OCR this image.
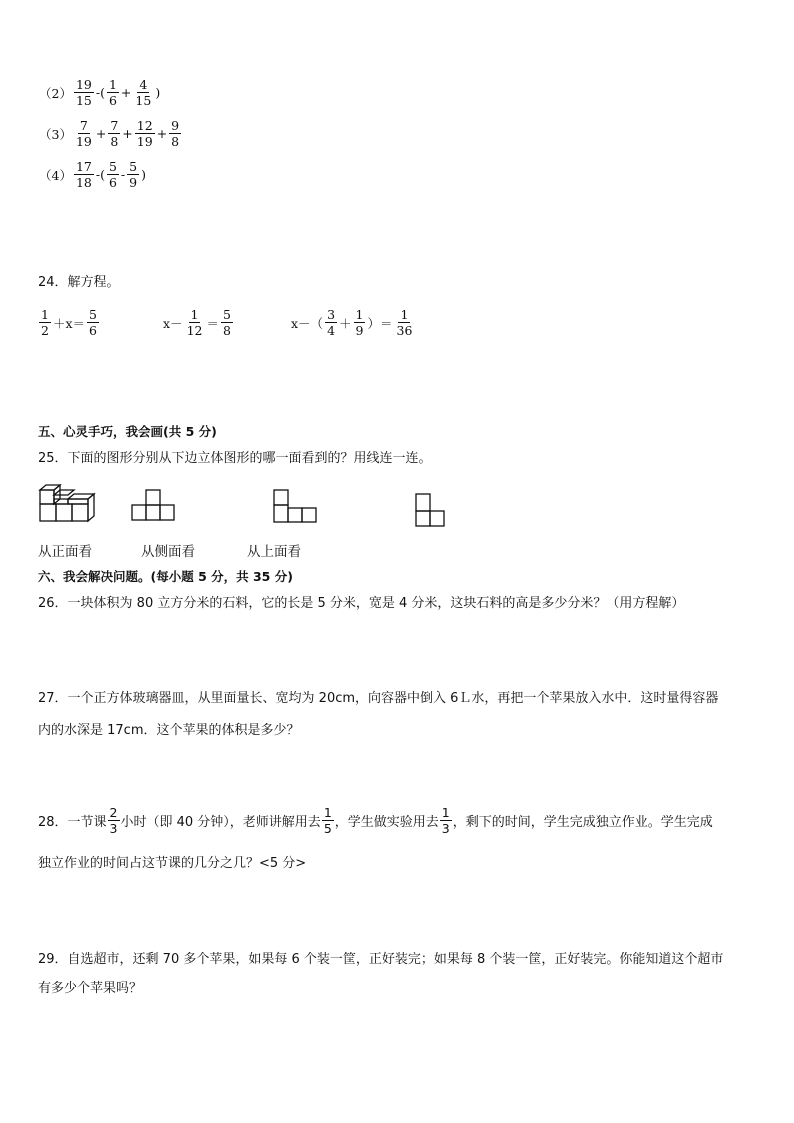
$(2) \frac{19}{15}$ -( $\frac{1}{6} + \frac{4}{15}$ )
$(3) \frac{7}{19} + \frac{7}{8} + \frac{12}{19} + \frac{9}{8}$
$(4) \frac{17}{18}$ -( $\frac{5}{6} - \frac{5}{9}$ )
24．解方程。
$\frac{1}{2} +x= \frac{5}{6}$	$x- \frac{1}{12} = \frac{5}{8}$	$x-( \frac{3}{4} + \frac{1}{9}$ ）＝ $\frac{1}{36}$
五、心灵手巧，我会画(共 5 分)
25．下面的图形分别从下边立体图形的哪一面看到的？用线连一连。
从正面看	从侧面看	从上面看
六、我会解决问题。(每小题 5 分，共 35 分)
26．一块体积为 80 立方分米的石料，它的长是 5 分米，宽是 4 分米，这块石料的高是多少分米？（用方程解）
27．一个正方体玻璃器皿，从里面量长、宽均为 20cm，向容器中倒入 6Ｌ水，再把一个苹果放入水中．这时量得容器
内的水深是 17cm．这个苹果的体积是多少？
28．一节课 $\frac{2}{3}$ 小时（即 40 分钟），老师讲解用去 $\frac{1}{5}$ ，学生做实验用去 $\frac{1}{3}$ ，剩下的时间，学生完成独立作业。学生完成
独立作业的时间占这节课的几分之几？<5 分>
29．自选超市，还剩 70 多个苹果，如果每 6 个装一筐，正好装完；如果每 8 个装一筐，正好装完。你能知道这个超市
有多少个苹果吗？
